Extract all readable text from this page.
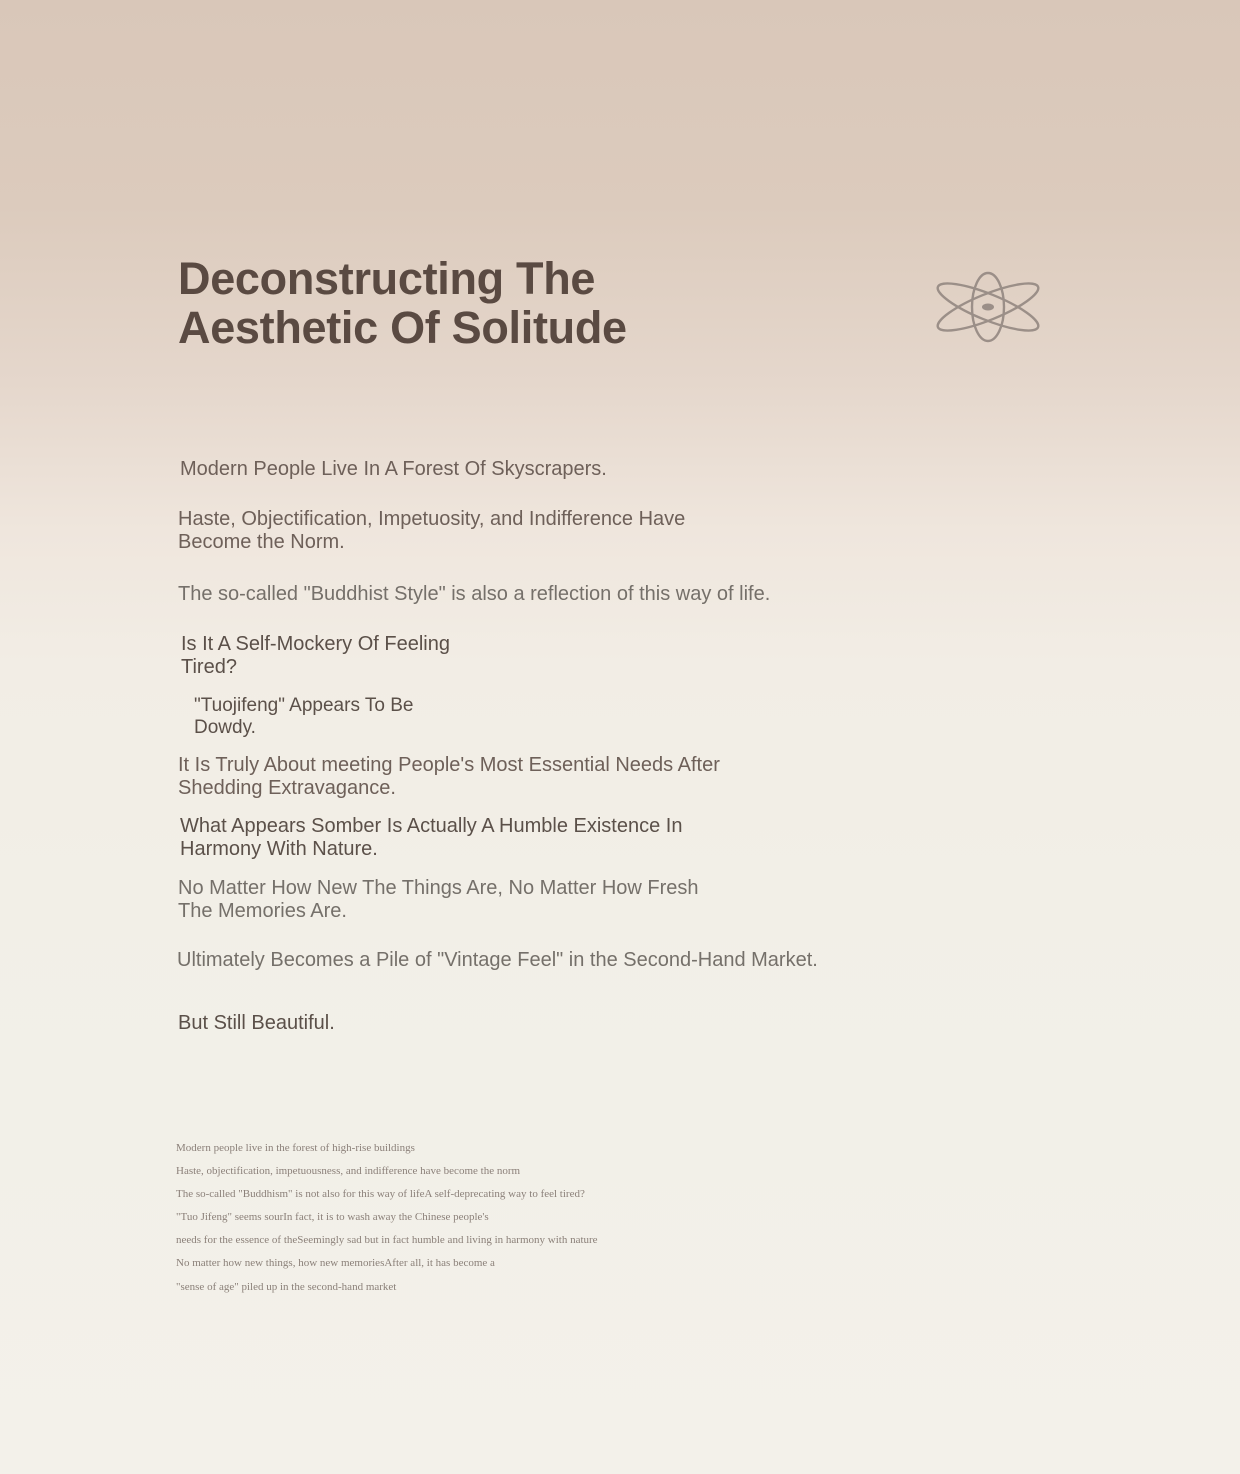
Deconstructing The
Aesthetic Of Solitude

Modern People Live In A Forest Of Skyscrapers.

Haste, Objectification, Impetuosity, and Indifference Have
Become the Norm.

The so-called "Buddhist Style" is also a reflection of this way of life.

Is It A Self-Mockery Of Feeling
Tired?

"Tuojifeng" Appears To Be
Dowdy.

It Is Truly About meeting People's Most Essential Needs After
Shedding Extravagance.

What Appears Somber Is Actually A Humble Existence In
Harmony With Nature.

No Matter How New The Things Are, No Matter How Fresh
The Memories Are.

Ultimately Becomes a Pile of "Vintage Feel" in the Second-Hand Market.

But Still Beautiful.

Modern people live in the forest of high-rise buildings
Haste, objectification, impetuousness, and indifference have become the norm
The so-called "Buddhism" is not also for this way of lifeA self-deprecating way to feel tired?
"Tuo Jifeng" seems sourIn fact, it is to wash away the Chinese people's
needs for the essence of theSeemingly sad but in fact humble and living in harmony with nature
No matter how new things, how new memoriesAfter all, it has become a
"sense of age" piled up in the second-hand market
